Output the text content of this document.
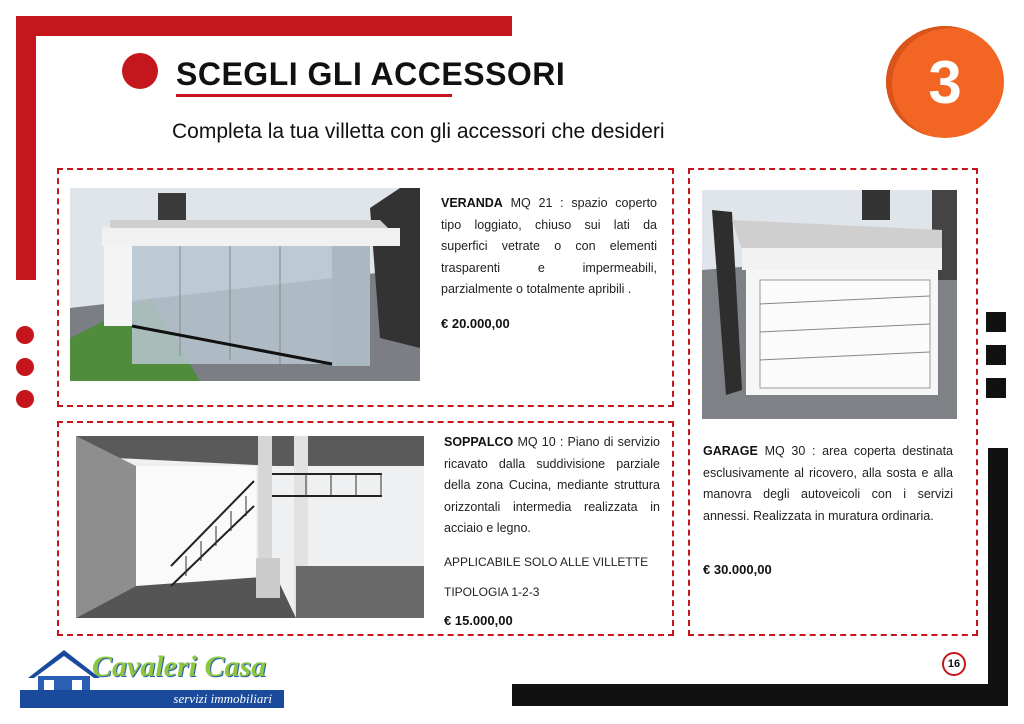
SCEGLI GLI ACCESSORI
Completa la tua villetta con gli accessori che desideri
3
VERANDA MQ 21 : spazio coperto tipo loggiato, chiuso sui lati da superfici vetrate o con elementi trasparenti e impermeabili, parzialmente o totalmente apribili .
€ 20.000,00
SOPPALCO MQ 10 : Piano di servizio ricavato dalla suddivisione parziale della zona Cucina, mediante struttura orizzontali intermedia realizzata in acciaio e legno.
APPLICABILE SOLO ALLE VILLETTE
TIPOLOGIA 1-2-3
€ 15.000,00
GARAGE MQ 30 : area coperta destinata esclusivamente al ricovero, alla sosta e alla manovra degli autoveicoli con i servizi annessi. Realizzata in muratura ordinaria.
€ 30.000,00
Cavaleri Casa
servizi immobiliari
16
